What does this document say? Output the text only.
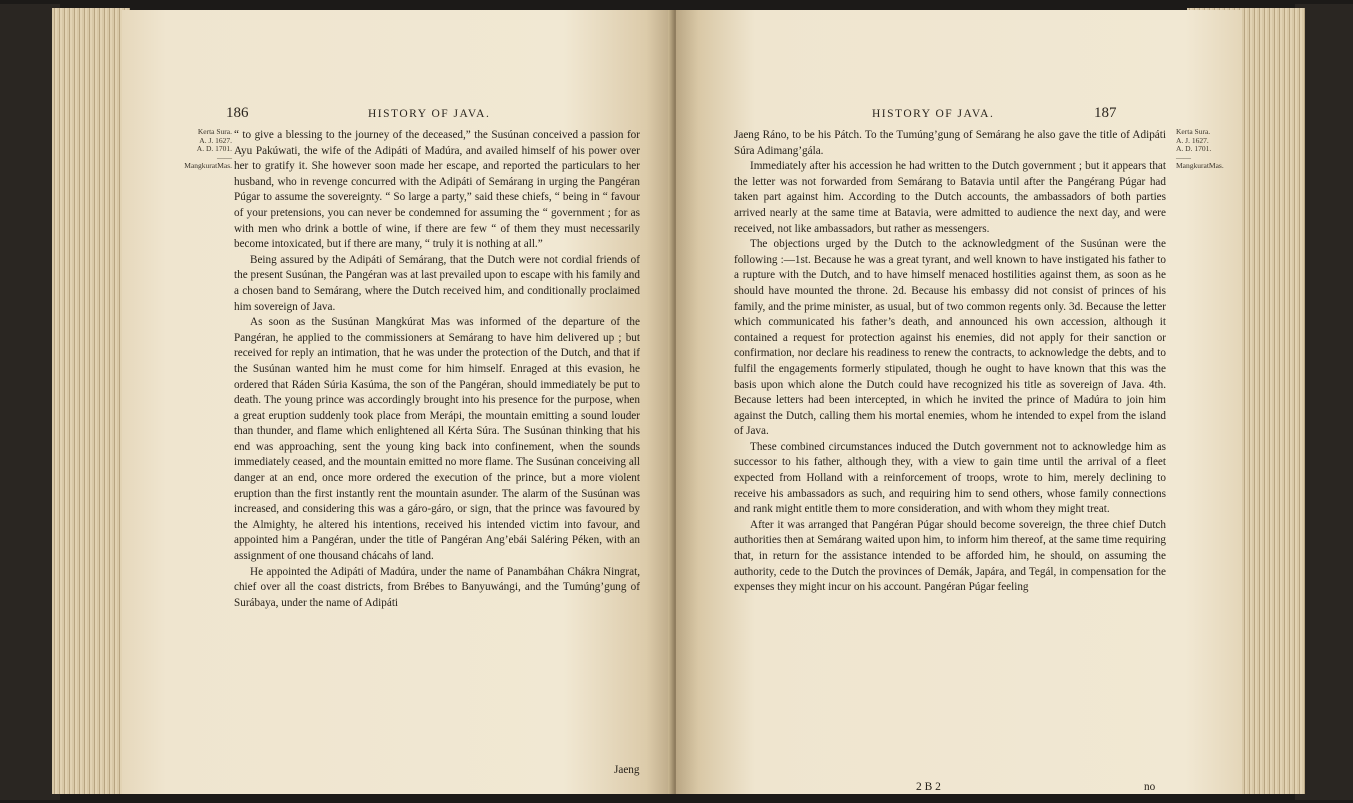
186	HISTORY OF JAVA.
Kerta Sura.
A. J. 1627.
A. D. 1701.
——
MangkuratMas.

“ to give a blessing to the journey of the deceased,” the Susúnan conceived a passion for Ayu Pakúwati, the wife of the Adipáti of Madúra, and availed himself of his power over her to gratify it. She however soon made her escape, and reported the particulars to her husband, who in revenge concurred with the Adipáti of Semárang in urging the Pangéran Púgar to assume the sovereignty. “ So large a party,” said these chiefs, “ being in “ favour of your pretensions, you can never be condemned for assuming the “ government ; for as with men who drink a bottle of wine, if there are few “ of them they must necessarily become intoxicated, but if there are many, “ truly it is nothing at all.”

Being assured by the Adipáti of Semárang, that the Dutch were not cordial friends of the present Susúnan, the Pangéran was at last prevailed upon to escape with his family and a chosen band to Semárang, where the Dutch received him, and conditionally proclaimed him sovereign of Java.

As soon as the Susúnan Mangkúrat Mas was informed of the departure of the Pangéran, he applied to the commissioners at Semárang to have him delivered up ; but received for reply an intimation, that he was under the protection of the Dutch, and that if the Susúnan wanted him he must come for him himself. Enraged at this evasion, he ordered that Ráden Súria Kasúma, the son of the Pangéran, should immediately be put to death. The young prince was accordingly brought into his presence for the purpose, when a great eruption suddenly took place from Merápi, the mountain emitting a sound louder than thunder, and flame which enlightened all Kérta Súra. The Susúnan thinking that his end was approaching, sent the young king back into confinement, when the sounds immediately ceased, and the mountain emitted no more flame. The Susúnan conceiving all danger at an end, once more ordered the execution of the prince, but a more violent eruption than the first instantly rent the mountain asunder. The alarm of the Susúnan was increased, and considering this was a gáro-gáro, or sign, that the prince was favoured by the Almighty, he altered his intentions, received his intended victim into favour, and appointed him a Pangéran, under the title of Pangéran Ang’ebái Saléring Péken, with an assignment of one thousand chácahs of land.

He appointed the Adipáti of Madúra, under the name of Panambáhan Chákra Ningrat, chief over all the coast districts, from Brébes to Banyuwángi, and the Tumúng’gung of Surábaya, under the name of Adipáti

Jaeng
HISTORY OF JAVA.	187
Kerta Sura.
A. J. 1627.
A. D. 1701.
——
MangkuratMas.

Jaeng Ráno, to be his Pátch. To the Tumúng’gung of Semárang he also gave the title of Adipáti Súra Adimang’gála.

Immediately after his accession he had written to the Dutch government ; but it appears that the letter was not forwarded from Semárang to Batavia until after the Pangérang Púgar had taken part against him. According to the Dutch accounts, the ambassadors of both parties arrived nearly at the same time at Batavia, were admitted to audience the next day, and were received, not like ambassadors, but rather as messengers.

The objections urged by the Dutch to the acknowledgment of the Susúnan were the following :—1st. Because he was a great tyrant, and well known to have instigated his father to a rupture with the Dutch, and to have himself menaced hostilities against them, as soon as he should have mounted the throne. 2d. Because his embassy did not consist of princes of his family, and the prime minister, as usual, but of two common regents only. 3d. Because the letter which communicated his father’s death, and announced his own accession, although it contained a request for protection against his enemies, did not apply for their sanction or confirmation, nor declare his readiness to renew the contracts, to acknowledge the debts, and to fulfil the engagements formerly stipulated, though he ought to have known that this was the basis upon which alone the Dutch could have recognized his title as sovereign of Java. 4th. Because letters had been intercepted, in which he invited the prince of Madúra to join him against the Dutch, calling them his mortal enemies, whom he intended to expel from the island of Java.

These combined circumstances induced the Dutch government not to acknowledge him as successor to his father, although they, with a view to gain time until the arrival of a fleet expected from Holland with a reinforcement of troops, wrote to him, merely declining to receive his ambassadors as such, and requiring him to send others, whose family connections and rank might entitle them to more consideration, and with whom they might treat.

After it was arranged that Pangéran Púgar should become sovereign, the three chief Dutch authorities then at Semárang waited upon him, to inform him thereof, at the same time requiring that, in return for the assistance intended to be afforded him, he should, on assuming the authority, cede to the Dutch the provinces of Demák, Japára, and Tegál, in compensation for the expenses they might incur on his account. Pangéran Púgar feeling

2 B 2	no
